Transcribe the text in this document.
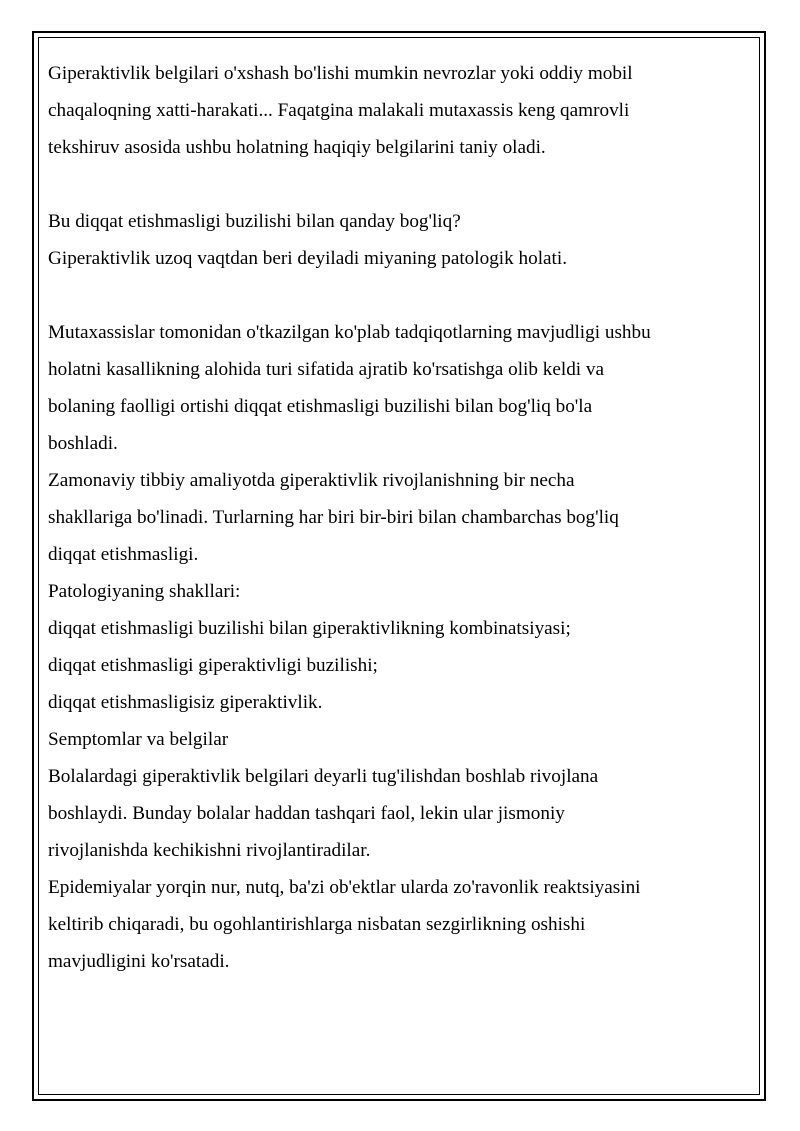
Giperaktivlik belgilari o'xshash bo'lishi mumkin nevrozlar yoki oddiy mobil
chaqaloqning xatti-harakati... Faqatgina malakali mutaxassis keng qamrovli
tekshiruv asosida ushbu holatning haqiqiy belgilarini taniy oladi.
Bu diqqat etishmasligi buzilishi bilan qanday bog'liq?
Giperaktivlik uzoq vaqtdan beri deyiladi miyaning patologik holati.
Mutaxassislar tomonidan o'tkazilgan ko'plab tadqiqotlarning mavjudligi ushbu
holatni kasallikning alohida turi sifatida ajratib ko'rsatishga olib keldi va
bolaning faolligi ortishi diqqat etishmasligi buzilishi bilan bog'liq bo'la
boshladi.
Zamonaviy tibbiy amaliyotda giperaktivlik rivojlanishning bir necha
shakllariga bo'linadi. Turlarning har biri bir-biri bilan chambarchas bog'liq
diqqat etishmasligi.
Patologiyaning shakllari:
diqqat etishmasligi buzilishi bilan giperaktivlikning kombinatsiyasi;
diqqat etishmasligi giperaktivligi buzilishi;
diqqat etishmasligisiz giperaktivlik.
Semptomlar va belgilar
Bolalardagi giperaktivlik belgilari deyarli tug'ilishdan boshlab rivojlana
boshlaydi. Bunday bolalar haddan tashqari faol, lekin ular jismoniy
rivojlanishda kechikishni rivojlantiradilar.
Epidemiyalar yorqin nur, nutq, ba'zi ob'ektlar ularda zo'ravonlik reaktsiyasini
keltirib chiqaradi, bu ogohlantirishlarga nisbatan sezgirlikning oshishi
mavjudligini ko'rsatadi.
